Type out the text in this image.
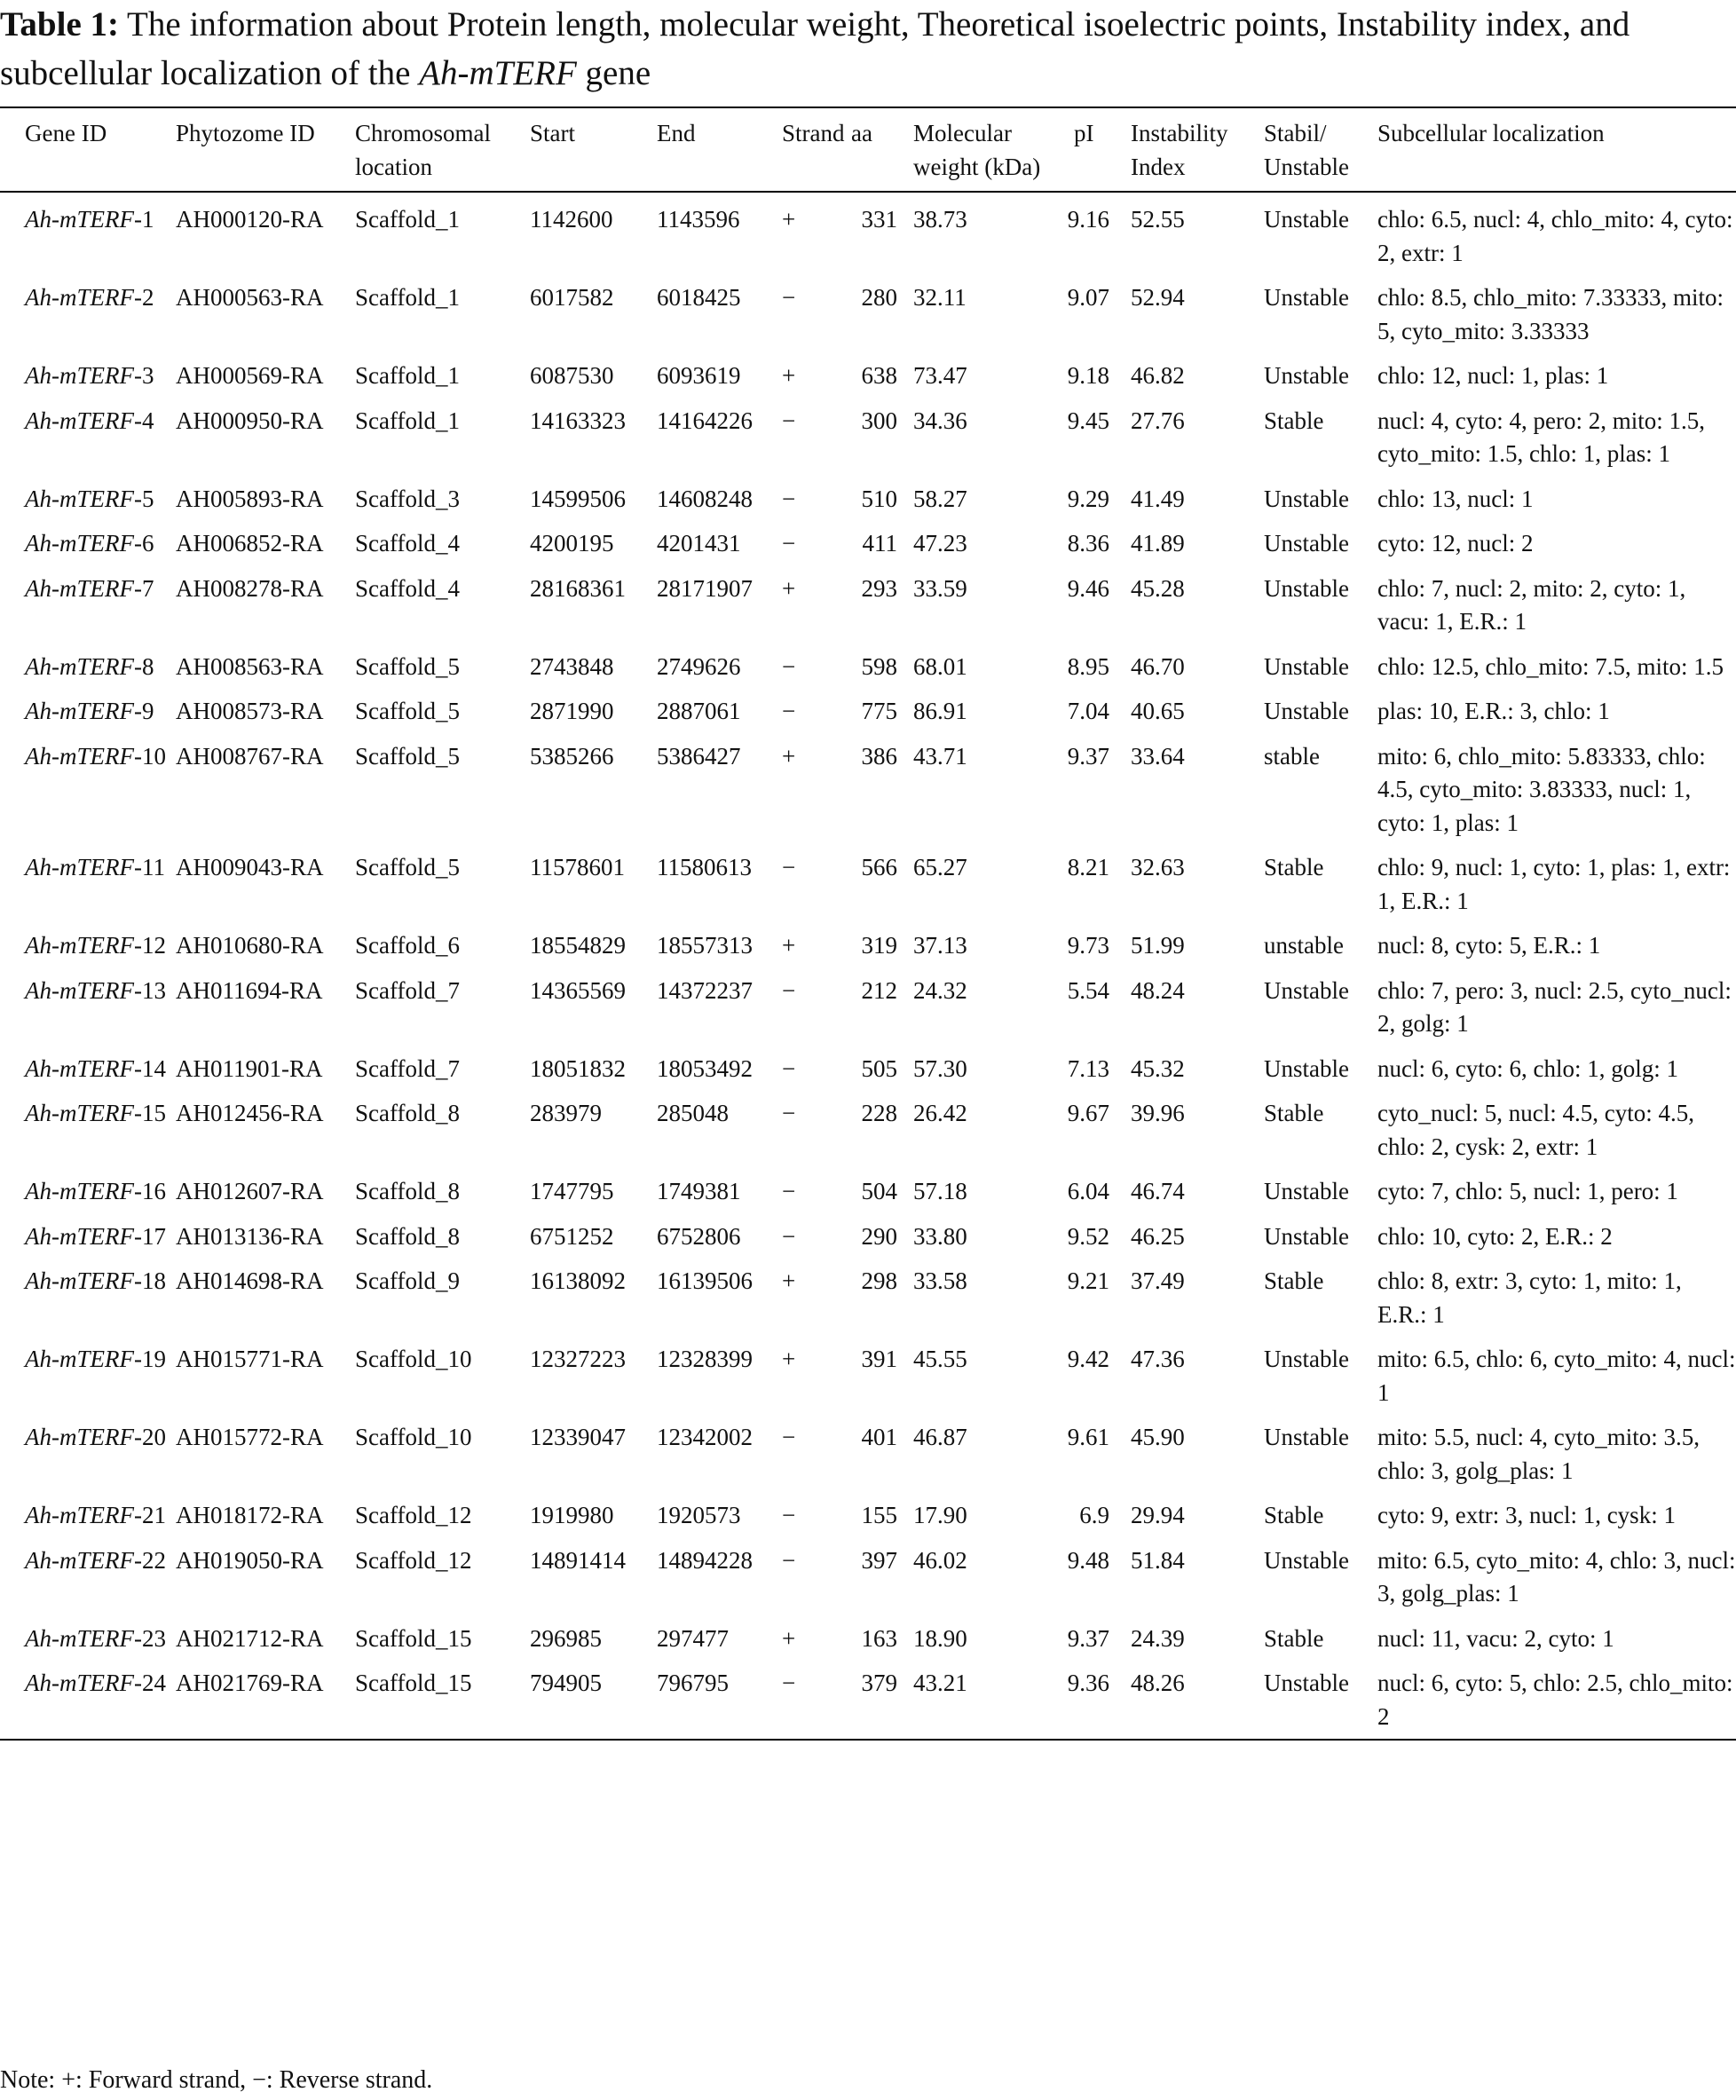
Table 1: The information about Protein length, molecular weight, Theoretical isoelectric points, Instability index, and subcellular localization of the Ah-mTERF gene
Gene ID	Phytozome ID	Chromosomal location	Start	End	Strand	aa	Molecular weight (kDa)	pI	Instability Index	Stabil/ Unstable	Subcellular localization
Ah-mTERF-1	AH000120-RA	Scaffold_1	1142600	1143596	+	331	38.73	9.16	52.55	Unstable	chlo: 6.5, nucl: 4, chlo_mito: 4, cyto: 2, extr: 1
Ah-mTERF-2	AH000563-RA	Scaffold_1	6017582	6018425	−	280	32.11	9.07	52.94	Unstable	chlo: 8.5, chlo_mito: 7.33333, mito: 5, cyto_mito: 3.33333
Ah-mTERF-3	AH000569-RA	Scaffold_1	6087530	6093619	+	638	73.47	9.18	46.82	Unstable	chlo: 12, nucl: 1, plas: 1
Ah-mTERF-4	AH000950-RA	Scaffold_1	14163323	14164226	−	300	34.36	9.45	27.76	Stable	nucl: 4, cyto: 4, pero: 2, mito: 1.5, cyto_mito: 1.5, chlo: 1, plas: 1
Ah-mTERF-5	AH005893-RA	Scaffold_3	14599506	14608248	−	510	58.27	9.29	41.49	Unstable	chlo: 13, nucl: 1
Ah-mTERF-6	AH006852-RA	Scaffold_4	4200195	4201431	−	411	47.23	8.36	41.89	Unstable	cyto: 12, nucl: 2
Ah-mTERF-7	AH008278-RA	Scaffold_4	28168361	28171907	+	293	33.59	9.46	45.28	Unstable	chlo: 7, nucl: 2, mito: 2, cyto: 1, vacu: 1, E.R.: 1
Ah-mTERF-8	AH008563-RA	Scaffold_5	2743848	2749626	−	598	68.01	8.95	46.70	Unstable	chlo: 12.5, chlo_mito: 7.5, mito: 1.5
Ah-mTERF-9	AH008573-RA	Scaffold_5	2871990	2887061	−	775	86.91	7.04	40.65	Unstable	plas: 10, E.R.: 3, chlo: 1
Ah-mTERF-10	AH008767-RA	Scaffold_5	5385266	5386427	+	386	43.71	9.37	33.64	stable	mito: 6, chlo_mito: 5.83333, chlo: 4.5, cyto_mito: 3.83333, nucl: 1, cyto: 1, plas: 1
Ah-mTERF-11	AH009043-RA	Scaffold_5	11578601	11580613	−	566	65.27	8.21	32.63	Stable	chlo: 9, nucl: 1, cyto: 1, plas: 1, extr: 1, E.R.: 1
Ah-mTERF-12	AH010680-RA	Scaffold_6	18554829	18557313	+	319	37.13	9.73	51.99	unstable	nucl: 8, cyto: 5, E.R.: 1
Ah-mTERF-13	AH011694-RA	Scaffold_7	14365569	14372237	−	212	24.32	5.54	48.24	Unstable	chlo: 7, pero: 3, nucl: 2.5, cyto_nucl: 2, golg: 1
Ah-mTERF-14	AH011901-RA	Scaffold_7	18051832	18053492	−	505	57.30	7.13	45.32	Unstable	nucl: 6, cyto: 6, chlo: 1, golg: 1
Ah-mTERF-15	AH012456-RA	Scaffold_8	283979	285048	−	228	26.42	9.67	39.96	Stable	cyto_nucl: 5, nucl: 4.5, cyto: 4.5, chlo: 2, cysk: 2, extr: 1
Ah-mTERF-16	AH012607-RA	Scaffold_8	1747795	1749381	−	504	57.18	6.04	46.74	Unstable	cyto: 7, chlo: 5, nucl: 1, pero: 1
Ah-mTERF-17	AH013136-RA	Scaffold_8	6751252	6752806	−	290	33.80	9.52	46.25	Unstable	chlo: 10, cyto: 2, E.R.: 2
Ah-mTERF-18	AH014698-RA	Scaffold_9	16138092	16139506	+	298	33.58	9.21	37.49	Stable	chlo: 8, extr: 3, cyto: 1, mito: 1, E.R.: 1
Ah-mTERF-19	AH015771-RA	Scaffold_10	12327223	12328399	+	391	45.55	9.42	47.36	Unstable	mito: 6.5, chlo: 6, cyto_mito: 4, nucl: 1
Ah-mTERF-20	AH015772-RA	Scaffold_10	12339047	12342002	−	401	46.87	9.61	45.90	Unstable	mito: 5.5, nucl: 4, cyto_mito: 3.5, chlo: 3, golg_plas: 1
Ah-mTERF-21	AH018172-RA	Scaffold_12	1919980	1920573	−	155	17.90	6.9	29.94	Stable	cyto: 9, extr: 3, nucl: 1, cysk: 1
Ah-mTERF-22	AH019050-RA	Scaffold_12	14891414	14894228	−	397	46.02	9.48	51.84	Unstable	mito: 6.5, cyto_mito: 4, chlo: 3, nucl: 3, golg_plas: 1
Ah-mTERF-23	AH021712-RA	Scaffold_15	296985	297477	+	163	18.90	9.37	24.39	Stable	nucl: 11, vacu: 2, cyto: 1
Ah-mTERF-24	AH021769-RA	Scaffold_15	794905	796795	−	379	43.21	9.36	48.26	Unstable	nucl: 6, cyto: 5, chlo: 2.5, chlo_mito: 2
Note: +: Forward strand, −: Reverse strand.
